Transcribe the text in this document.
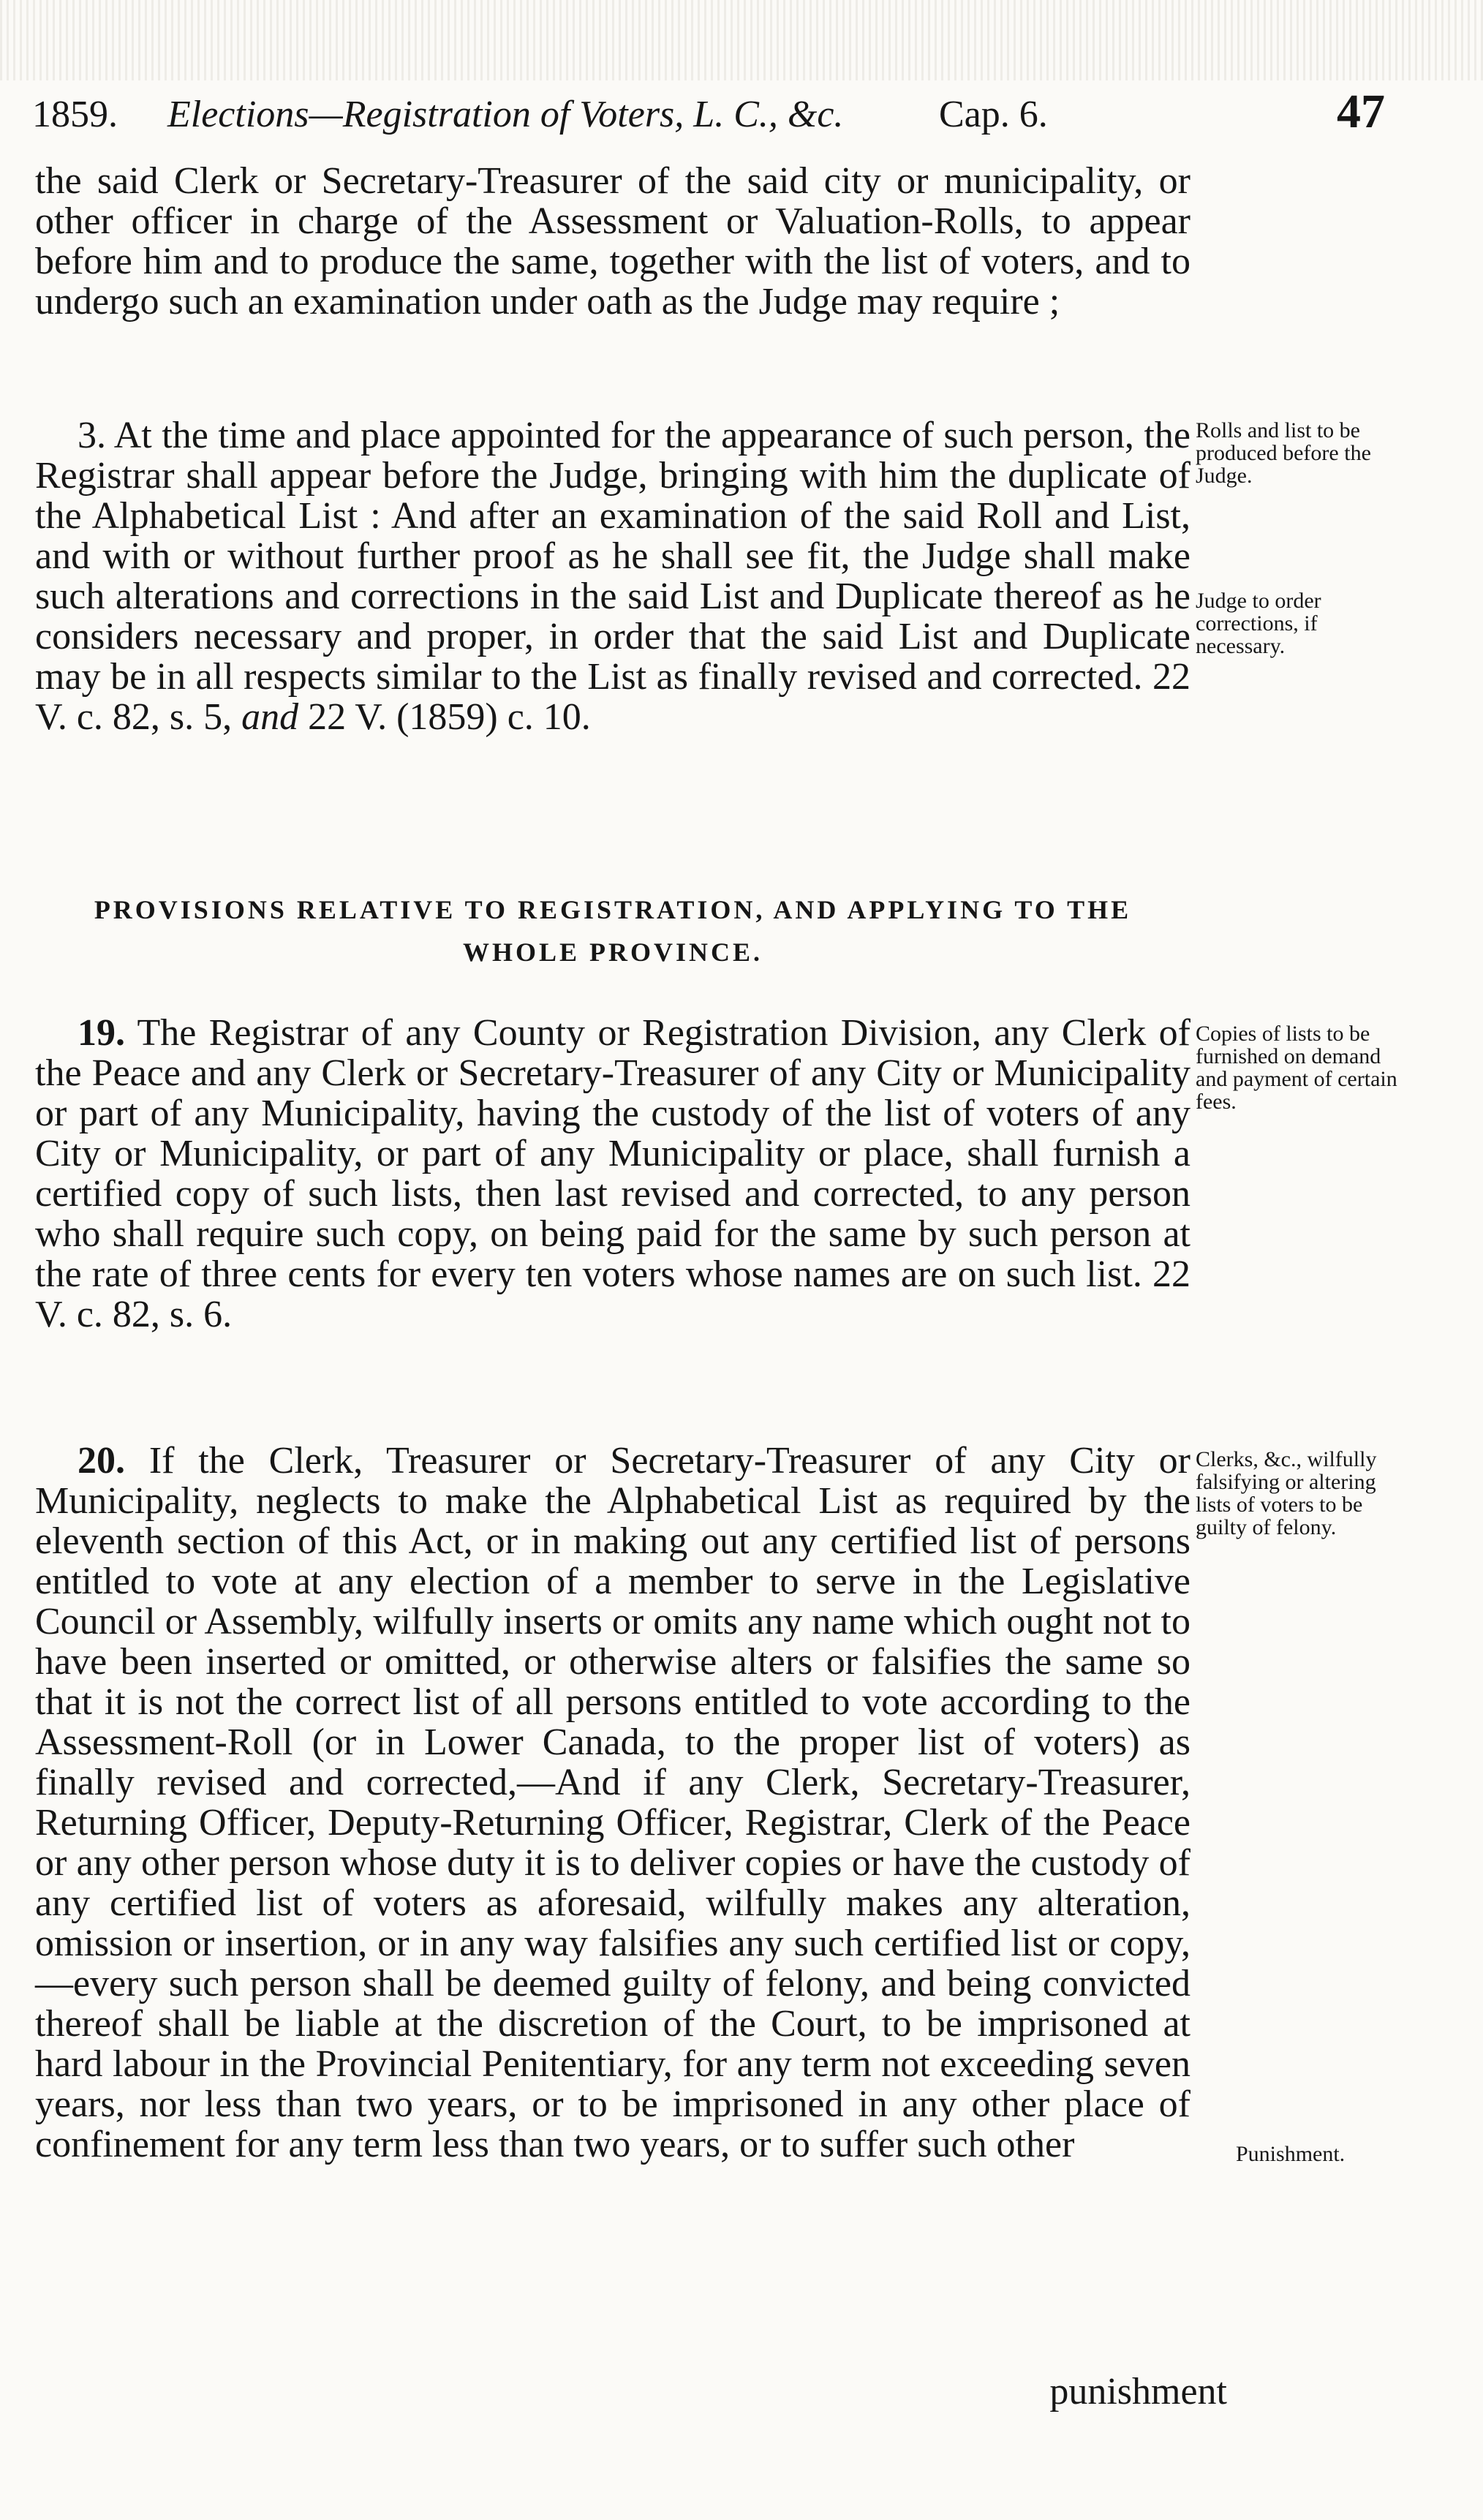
1859. Elections—Registration of Voters, L. C., &c.	Cap. 6.	47

the said Clerk or Secretary-Treasurer of the said city or municipality, or other officer in charge of the Assessment or Valuation-Rolls, to appear before him and to produce the same, together with the list of voters, and to undergo such an examination under oath as the Judge may require ;

3. At the time and place appointed for the appearance of such person, the Registrar shall appear before the Judge, bringing with him the duplicate of the Alphabetical List : And after an examination of the said Roll and List, and with or without further proof as he shall see fit, the Judge shall make such alterations and corrections in the said List and Duplicate thereof as he considers necessary and proper, in order that the said List and Duplicate may be in all respects similar to the List as finally revised and corrected. 22 V. c. 82, s. 5, and 22 V. (1859) c. 10.

PROVISIONS RELATIVE TO REGISTRATION, AND APPLYING TO THE WHOLE PROVINCE.

19. The Registrar of any County or Registration Division, any Clerk of the Peace and any Clerk or Secretary-Treasurer of any City or Municipality or part of any Municipality, having the custody of the list of voters of any City or Municipality, or part of any Municipality or place, shall furnish a certified copy of such lists, then last revised and corrected, to any person who shall require such copy, on being paid for the same by such person at the rate of three cents for every ten voters whose names are on such list. 22 V. c. 82, s. 6.

20. If the Clerk, Treasurer or Secretary-Treasurer of any City or Municipality, neglects to make the Alphabetical List as required by the eleventh section of this Act, or in making out any certified list of persons entitled to vote at any election of a member to serve in the Legislative Council or Assembly, wilfully inserts or omits any name which ought not to have been inserted or omitted, or otherwise alters or falsifies the same so that it is not the correct list of all persons entitled to vote according to the Assessment-Roll (or in Lower Canada, to the proper list of voters) as finally revised and corrected,—And if any Clerk, Secretary-Treasurer, Returning Officer, Deputy-Returning Officer, Registrar, Clerk of the Peace or any other person whose duty it is to deliver copies or have the custody of any certified list of voters as aforesaid, wilfully makes any alteration, omission or insertion, or in any way falsifies any such certified list or copy,—every such person shall be deemed guilty of felony, and being convicted thereof shall be liable at the discretion of the Court, to be imprisoned at hard labour in the Provincial Penitentiary, for any term not exceeding seven years, nor less than two years, or to be imprisoned in any other place of confinement for any term less than two years, or to suffer such other

punishment
Rolls and list to be produced before the Judge.
Judge to order corrections, if necessary.
Copies of lists to be furnished on demand and payment of certain fees.
Clerks, &c., wilfully falsifying or altering lists of voters to be guilty of felony.
Punishment.
